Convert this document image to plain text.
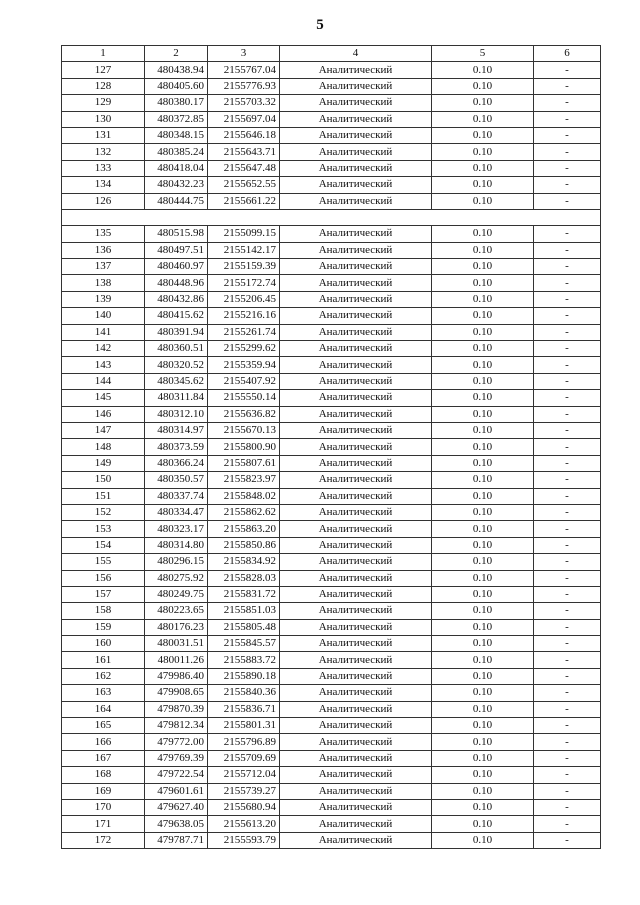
5
1	2	3	4	5	6
127	480438.94	2155767.04	Аналитический	0.10	-
128	480405.60	2155776.93	Аналитический	0.10	-
129	480380.17	2155703.32	Аналитический	0.10	-
130	480372.85	2155697.04	Аналитический	0.10	-
131	480348.15	2155646.18	Аналитический	0.10	-
132	480385.24	2155643.71	Аналитический	0.10	-
133	480418.04	2155647.48	Аналитический	0.10	-
134	480432.23	2155652.55	Аналитический	0.10	-
126	480444.75	2155661.22	Аналитический	0.10	-

135	480515.98	2155099.15	Аналитический	0.10	-
136	480497.51	2155142.17	Аналитический	0.10	-
137	480460.97	2155159.39	Аналитический	0.10	-
138	480448.96	2155172.74	Аналитический	0.10	-
139	480432.86	2155206.45	Аналитический	0.10	-
140	480415.62	2155216.16	Аналитический	0.10	-
141	480391.94	2155261.74	Аналитический	0.10	-
142	480360.51	2155299.62	Аналитический	0.10	-
143	480320.52	2155359.94	Аналитический	0.10	-
144	480345.62	2155407.92	Аналитический	0.10	-
145	480311.84	2155550.14	Аналитический	0.10	-
146	480312.10	2155636.82	Аналитический	0.10	-
147	480314.97	2155670.13	Аналитический	0.10	-
148	480373.59	2155800.90	Аналитический	0.10	-
149	480366.24	2155807.61	Аналитический	0.10	-
150	480350.57	2155823.97	Аналитический	0.10	-
151	480337.74	2155848.02	Аналитический	0.10	-
152	480334.47	2155862.62	Аналитический	0.10	-
153	480323.17	2155863.20	Аналитический	0.10	-
154	480314.80	2155850.86	Аналитический	0.10	-
155	480296.15	2155834.92	Аналитический	0.10	-
156	480275.92	2155828.03	Аналитический	0.10	-
157	480249.75	2155831.72	Аналитический	0.10	-
158	480223.65	2155851.03	Аналитический	0.10	-
159	480176.23	2155805.48	Аналитический	0.10	-
160	480031.51	2155845.57	Аналитический	0.10	-
161	480011.26	2155883.72	Аналитический	0.10	-
162	479986.40	2155890.18	Аналитический	0.10	-
163	479908.65	2155840.36	Аналитический	0.10	-
164	479870.39	2155836.71	Аналитический	0.10	-
165	479812.34	2155801.31	Аналитический	0.10	-
166	479772.00	2155796.89	Аналитический	0.10	-
167	479769.39	2155709.69	Аналитический	0.10	-
168	479722.54	2155712.04	Аналитический	0.10	-
169	479601.61	2155739.27	Аналитический	0.10	-
170	479627.40	2155680.94	Аналитический	0.10	-
171	479638.05	2155613.20	Аналитический	0.10	-
172	479787.71	2155593.79	Аналитический	0.10	-
